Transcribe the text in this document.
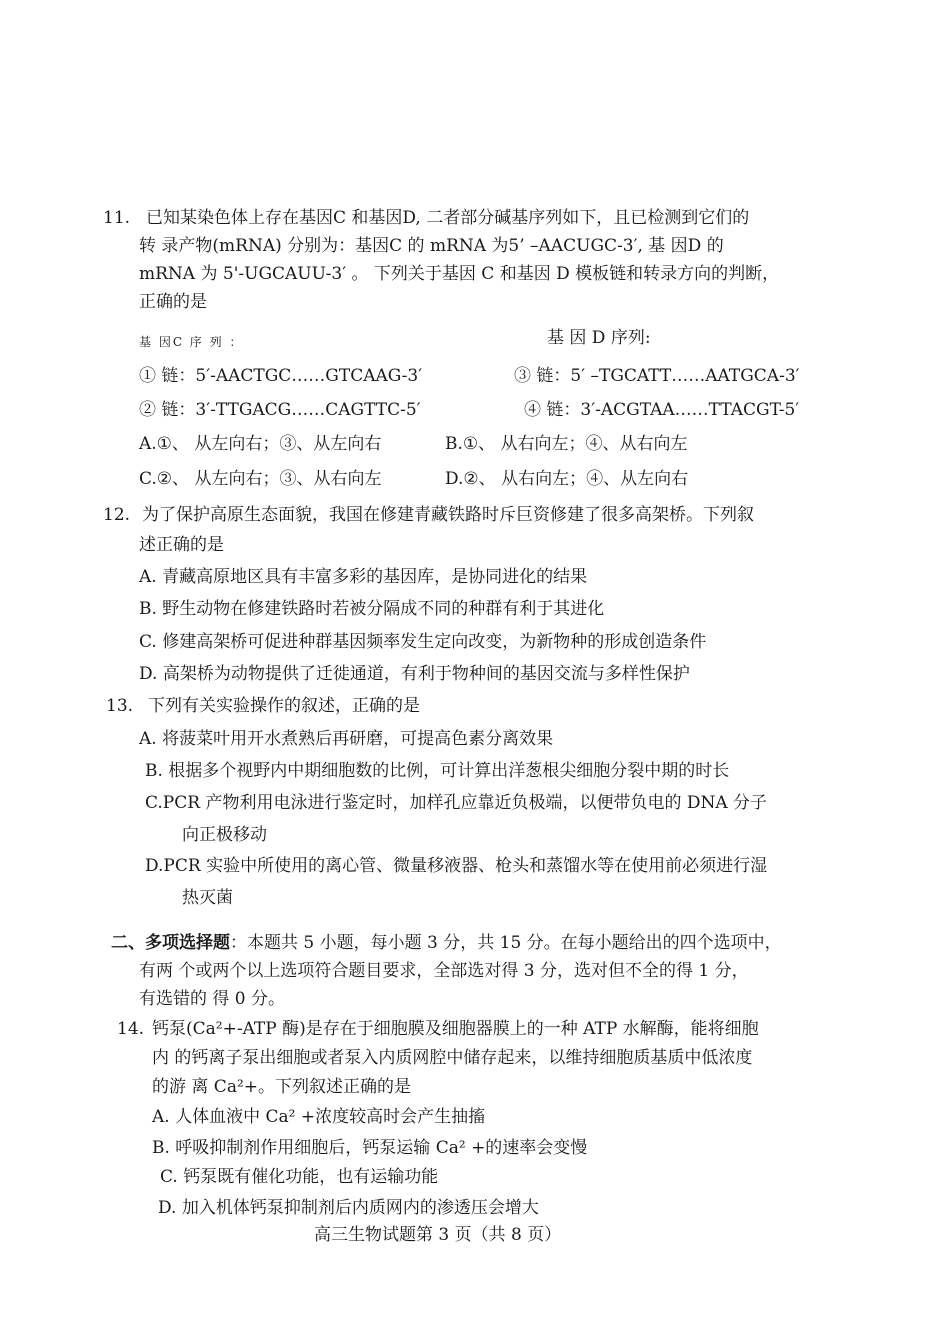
11. 已知某染色体上存在基因C 和基因D, 二者部分碱基序列如下，且已检测到它们的
转 录产物(mRNA) 分别为：基因C 的 mRNA 为5’ –AACUGC-3′, 基 因D 的
mRNA 为 5'-UGCAUU-3′ 。 下列关于基因 C 和基因 D 模板链和转录方向的判断，
正确的是
基 因C 序 列 ：	基 因 D 序列:
① 链：5′-AACTGC……GTCAAG-3′	③ 链：5′ –TGCATT……AATGCA-3′
② 链：3′-TTGACG……CAGTTC-5′	④ 链：3′-ACGTAA……TTACGT-5′
A.①、 从左向右；③、从左向右	B.①、 从右向左；④、从右向左
C.②、 从左向右；③、从右向左	D.②、 从右向左；④、从左向右
12. 为了保护高原生态面貌，我国在修建青藏铁路时斥巨资修建了很多高架桥。下列叙
述正确的是
A. 青藏高原地区具有丰富多彩的基因库，是协同进化的结果
B. 野生动物在修建铁路时若被分隔成不同的种群有利于其进化
C. 修建高架桥可促进种群基因频率发生定向改变，为新物种的形成创造条件
D. 高架桥为动物提供了迁徙通道，有利于物种间的基因交流与多样性保护
13. 下列有关实验操作的叙述，正确的是
A. 将菠菜叶用开水煮熟后再研磨，可提高色素分离效果
B. 根据多个视野内中期细胞数的比例，可计算出洋葱根尖细胞分裂中期的时长
C.PCR 产物利用电泳进行鉴定时，加样孔应靠近负极端，以便带负电的 DNA 分子
向正极移动
D.PCR 实验中所使用的离心管、微量移液器、枪头和蒸馏水等在使用前必须进行湿
热灭菌
二、多项选择题：本题共 5 小题，每小题 3 分，共 15 分。在每小题给出的四个选项中，
有两 个或两个以上选项符合题目要求，全部选对得 3 分，选对但不全的得 1 分，
有选错的 得 0 分。
14. 钙泵(Ca²+-ATP 酶)是存在于细胞膜及细胞器膜上的一种 ATP 水解酶，能将细胞
内 的钙离子泵出细胞或者泵入内质网腔中储存起来，以维持细胞质基质中低浓度
的游 离 Ca²+。下列叙述正确的是
A. 人体血液中 Ca² +浓度较高时会产生抽搐
B. 呼吸抑制剂作用细胞后，钙泵运输 Ca² +的速率会变慢
C. 钙泵既有催化功能，也有运输功能
D. 加入机体钙泵抑制剂后内质网内的渗透压会增大
高三生物试题第 3 页（共 8 页）
